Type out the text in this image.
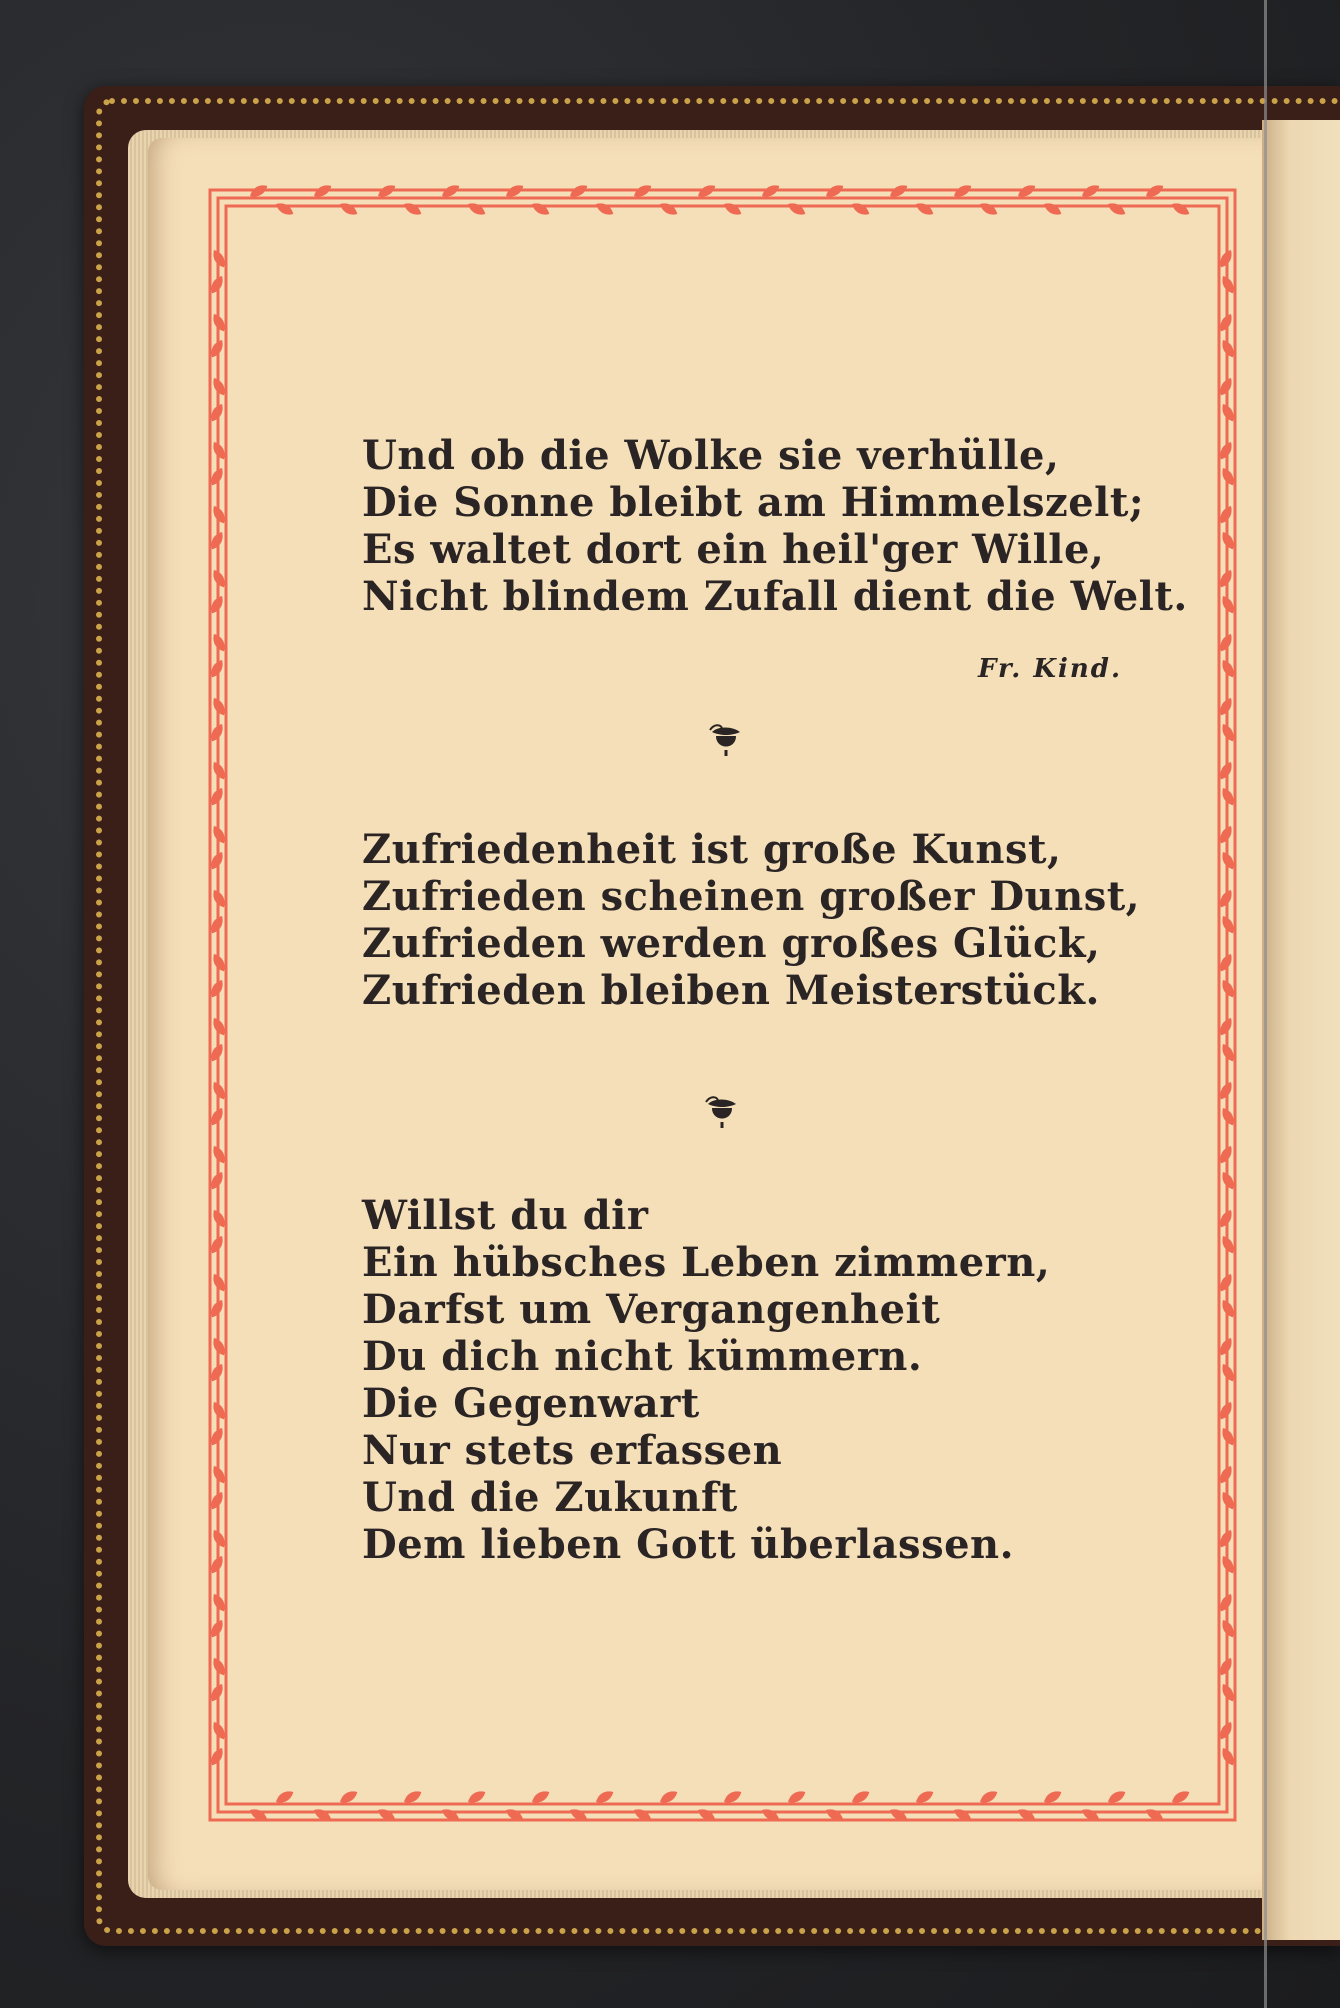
Und ob die Wolke sie verhülle,
Die Sonne bleibt am Himmelszelt;
Es waltet dort ein heil'ger Wille,
Nicht blindem Zufall dient die Welt.
Fr. Kind.
Zufriedenheit ist große Kunst,
Zufrieden scheinen großer Dunst,
Zufrieden werden großes Glück,
Zufrieden bleiben Meisterstück.
Willst du dir
Ein hübsches Leben zimmern,
Darfst um Vergangenheit
Du dich nicht kümmern.
Die Gegenwart
Nur stets erfassen
Und die Zukunft
Dem lieben Gott überlassen.
